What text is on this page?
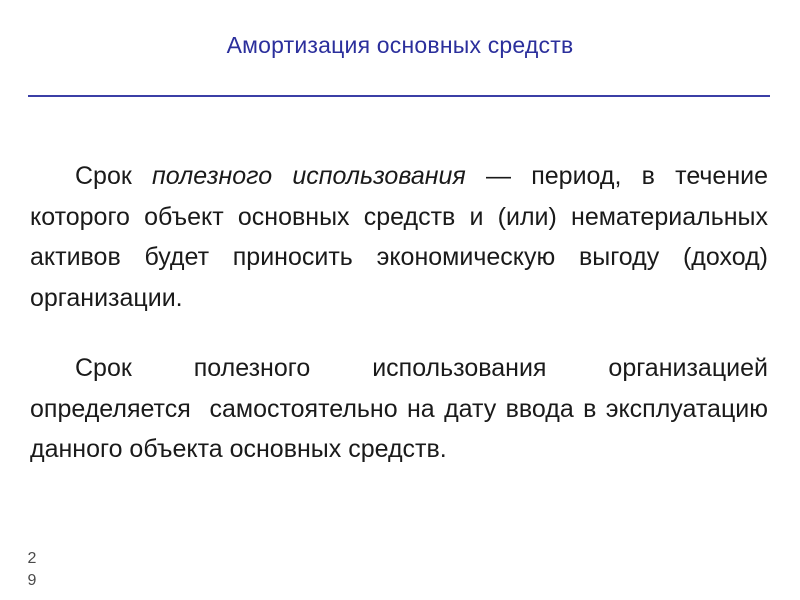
Амортизация основных средств
Срок полезного использования — период, в течение которого объект основных средств и (или) нематериальных активов будет приносить экономическую выгоду (доход) организации.
Срок полезного использования организацией определяется  самостоятельно на дату ввода в эксплуатацию данного объекта основных средств.
2
9
